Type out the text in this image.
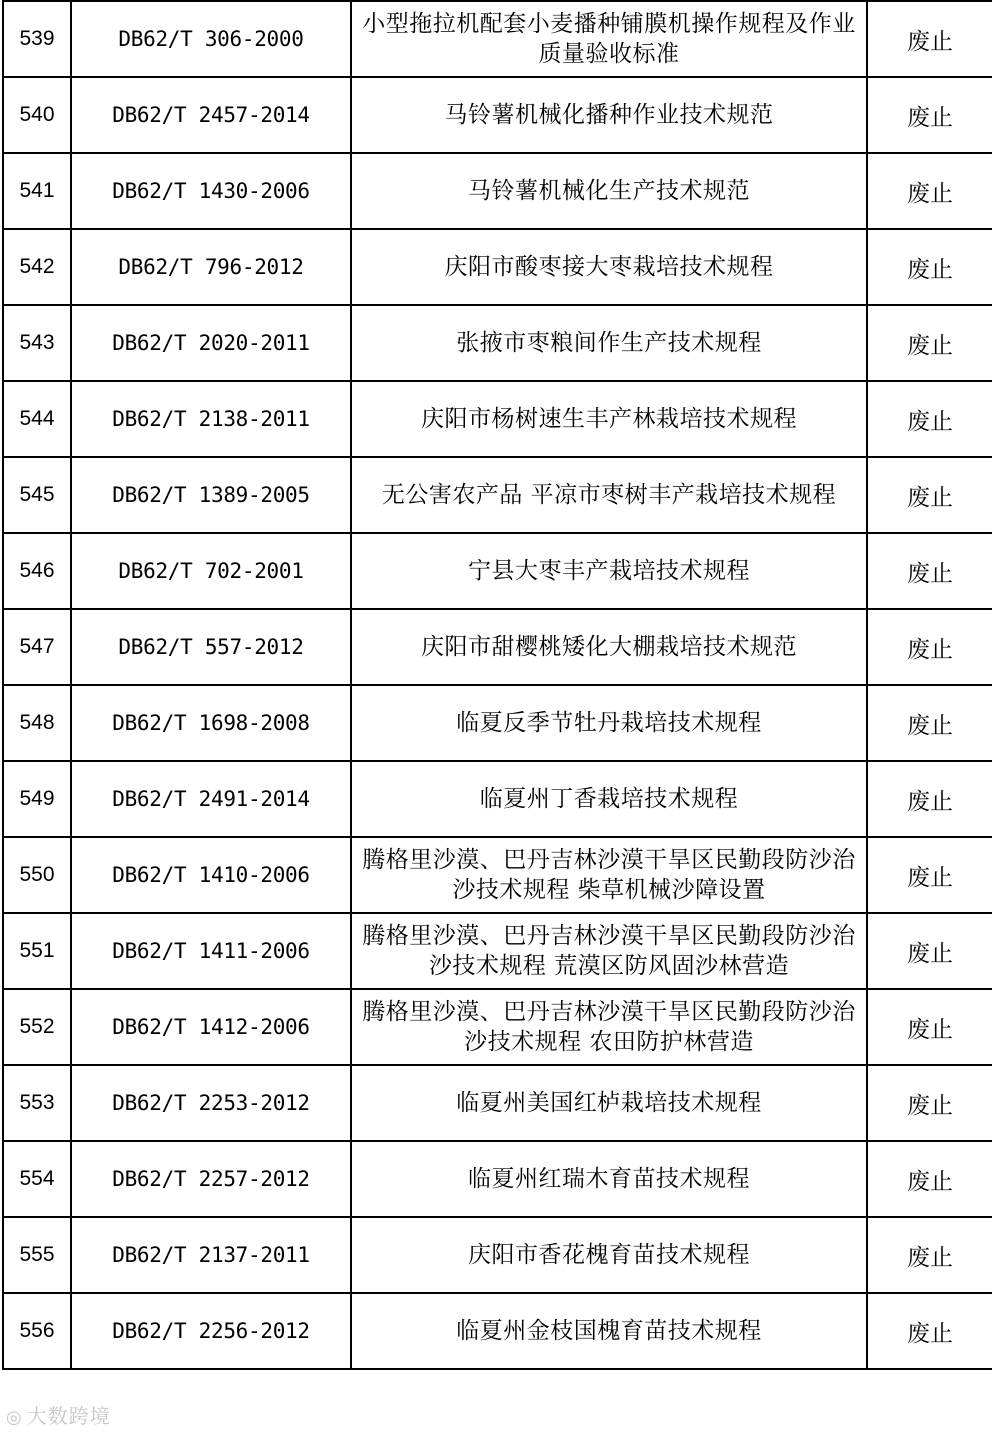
539	DB62/T 306-2000	小型拖拉机配套小麦播种铺膜机操作规程及作业质量验收标准	废止
540	DB62/T 2457-2014	马铃薯机械化播种作业技术规范	废止
541	DB62/T 1430-2006	马铃薯机械化生产技术规范	废止
542	DB62/T 796-2012	庆阳市酸枣接大枣栽培技术规程	废止
543	DB62/T 2020-2011	张掖市枣粮间作生产技术规程	废止
544	DB62/T 2138-2011	庆阳市杨树速生丰产林栽培技术规程	废止
545	DB62/T 1389-2005	无公害农产品 平凉市枣树丰产栽培技术规程	废止
546	DB62/T 702-2001	宁县大枣丰产栽培技术规程	废止
547	DB62/T 557-2012	庆阳市甜樱桃矮化大棚栽培技术规范	废止
548	DB62/T 1698-2008	临夏反季节牡丹栽培技术规程	废止
549	DB62/T 2491-2014	临夏州丁香栽培技术规程	废止
550	DB62/T 1410-2006	腾格里沙漠、巴丹吉林沙漠干旱区民勤段防沙治沙技术规程 柴草机械沙障设置	废止
551	DB62/T 1411-2006	腾格里沙漠、巴丹吉林沙漠干旱区民勤段防沙治沙技术规程 荒漠区防风固沙林营造	废止
552	DB62/T 1412-2006	腾格里沙漠、巴丹吉林沙漠干旱区民勤段防沙治沙技术规程 农田防护林营造	废止
553	DB62/T 2253-2012	临夏州美国红栌栽培技术规程	废止
554	DB62/T 2257-2012	临夏州红瑞木育苗技术规程	废止
555	DB62/T 2137-2011	庆阳市香花槐育苗技术规程	废止
556	DB62/T 2256-2012	临夏州金枝国槐育苗技术规程	废止
◎ 大数跨境
